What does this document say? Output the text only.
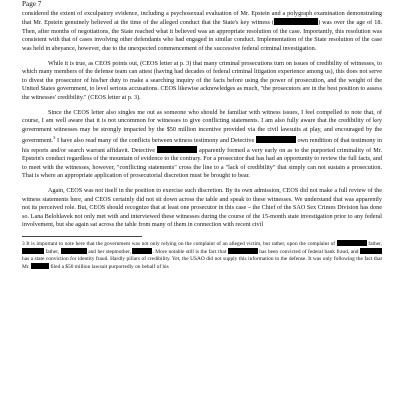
Page 7

considered the extent of exculpatory evidence, including a psychosexual evaluation of Mr. Epstein and a polygraph examination demonstrating that Mr. Epstein genuinely believed at the time of the alleged conduct that the State's key witness (	) was over the age of 18. Then, after months of negotiations, the State reached what it believed was an appropriate resolution of the case. Importantly, this resolution was consistent with that of cases involving other defendants who had engaged in similar conduct. Implementation of the State resolution of the case was held in abeyance, however, due to the unexpected commencement of the successive federal criminal investigation.

While it is true, as CEOS points out, (CEOS letter at p. 3) that many criminal prosecutions turn on issues of credibility of witnesses, to which many members of the defense team can attest (having had decades of federal criminal litigation experience among us), this does not serve to divest the prosecutor of his/her duty to make a searching inquiry of the facts before using the power of prosecution, and the weight of the United States government, to level serious accusations. CEOS likewise acknowledges as much, "the prosecutors are in the best position to assess the witnesses' credibility." (CEOS letter at p. 3).

Since the CEOS letter also singles me out as someone who should be familiar with witness issues, I feel compelled to note that, of course, I am well aware that it is not uncommon for witnesses to give conflicting statements. I am also fully aware that the credibility of key government witnesses may be strongly impacted by the $50 million incentive provided via the civil lawsuits at play, and encouraged by the government.$^3$ I have also read many of the conflicts between witness testimony and Detective	own rendition of that testimony in his reports and/or search warrant affidavit. Detective	apparently formed a very early on as to the purported criminality of Mr. Epstein's conduct regardless of the mountain of evidence to the contrary. For a prosecutor that has had an opportunity to review the full facts, and to meet with the witnesses, however, "conflicting statements" cross the line to a "lack of credibility" that simply can not sustain a prosecution. That is where an appropriate application of prosecutorial discretion must be brought to bear.

Again, CEOS was not itself in the position to exercise such discretion. By its own admission, CEOS did not make a full review of the witness statements here, and CEOS certainly did not sit down across the table and speak to these witnesses. We understand that was apparently not its perceived role. But, CEOS should recognize that at least one prosecutor in this case – the Chief of the SAO Sex Crimes Division has done so. Lana Belohlavek not only met with and interviewed these witnesses during the course of the 15-month state investigation prior to any federal involvement, but she again sat across the table from many of them in connection with recent civil

3 It is important to note here that the government was not only relying on the complaint of an alleged victim, but rather, upon the complaint of	father,  father,	and her stepmother,	. More notable still is the fact that	has been convicted of federal bank fraud, and  has a state conviction for identity fraud. Hardly pillars of credibility. Yet, the USAO did not supply this information to the defense. It was only following the fact that Mr.	filed a $50 million lawsuit purportedly on behalf of his
